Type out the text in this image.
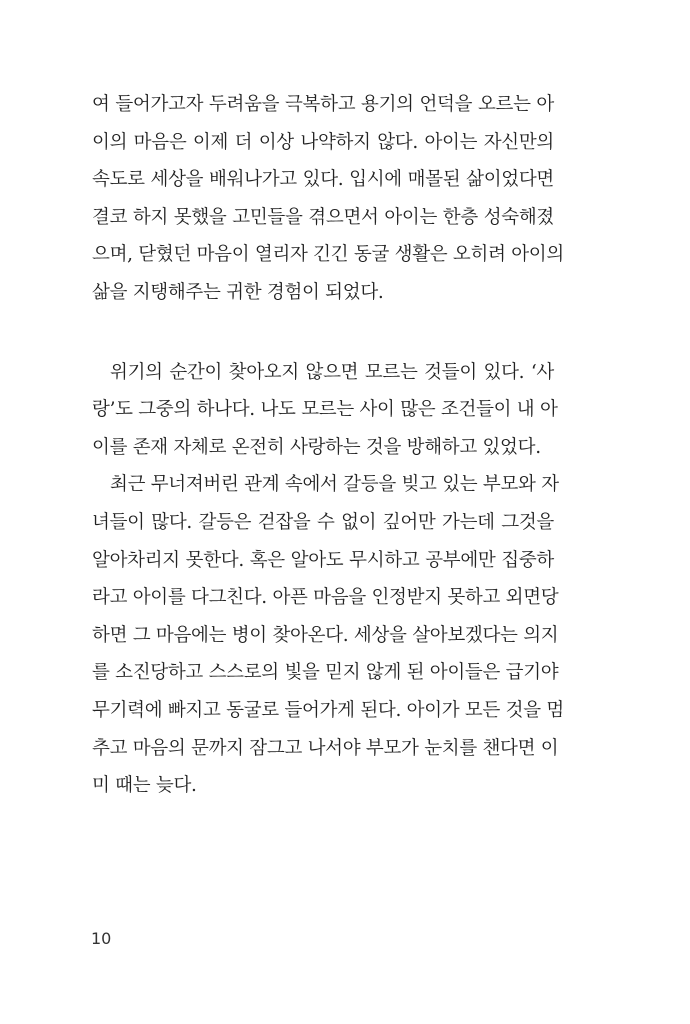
여 들어가고자 두려움을 극복하고 용기의 언덕을 오르는 아
이의 마음은 이제 더 이상 나약하지 않다. 아이는 자신만의
속도로 세상을 배워나가고 있다. 입시에 매몰된 삶이었다면
결코 하지 못했을 고민들을 겪으면서 아이는 한층 성숙해졌
으며, 닫혔던 마음이 열리자 긴긴 동굴 생활은 오히려 아이의
삶을 지탱해주는 귀한 경험이 되었다.
위기의 순간이 찾아오지 않으면 모르는 것들이 있다. ‘사
랑’도 그중의 하나다. 나도 모르는 사이 많은 조건들이 내 아
이를 존재 자체로 온전히 사랑하는 것을 방해하고 있었다.
최근 무너져버린 관계 속에서 갈등을 빚고 있는 부모와 자
녀들이 많다. 갈등은 걷잡을 수 없이 깊어만 가는데 그것을
알아차리지 못한다. 혹은 알아도 무시하고 공부에만 집중하
라고 아이를 다그친다. 아픈 마음을 인정받지 못하고 외면당
하면 그 마음에는 병이 찾아온다. 세상을 살아보겠다는 의지
를 소진당하고 스스로의 빛을 믿지 않게 된 아이들은 급기야
무기력에 빠지고 동굴로 들어가게 된다. 아이가 모든 것을 멈
추고 마음의 문까지 잠그고 나서야 부모가 눈치를 챈다면 이
미 때는 늦다.
10
